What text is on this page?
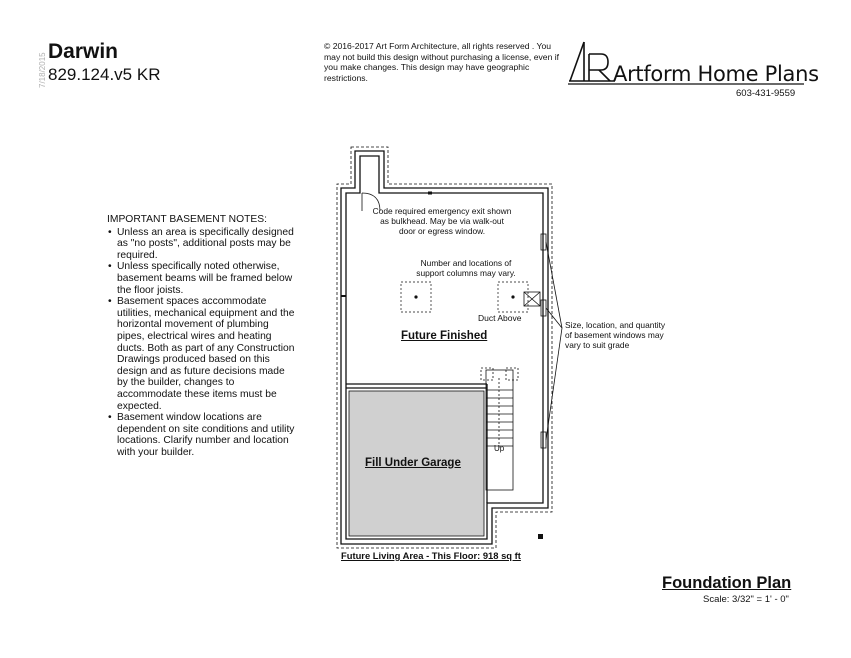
7/18/2015
Darwin
829.124.v5 KR
© 2016-2017 Art Form Architecture, all rights reserved . You may not build this design without purchasing a license, even if you make changes. This design may have geographic restrictions.	Artform Home Plans
603-431-9559
IMPORTANT BASEMENT NOTES:
• Unless an area is specifically designed as "no posts", additional posts may be required.
• Unless specifically noted otherwise, basement beams will be framed below the floor joists.
• Basement spaces accommodate utilities, mechanical equipment and the horizontal movement of plumbing pipes, electrical wires and heating ducts. Both as part of any Construction Drawings produced based on this design and as future decisions made by the builder, changes to accommodate these items must be expected.
• Basement window locations are dependent on site conditions and utility locations. Clarify number and location with your builder.
Code required emergency exit shown as bulkhead. May be via walk-out door or egress window.
Number and locations of support columns may vary.
Duct Above
Size, location, and quantity of basement windows may vary to suit grade
Future Finished
Fill Under Garage
Up
Future Living Area - This Floor: 918 sq ft
Foundation Plan
Scale: 3/32" = 1' - 0"
